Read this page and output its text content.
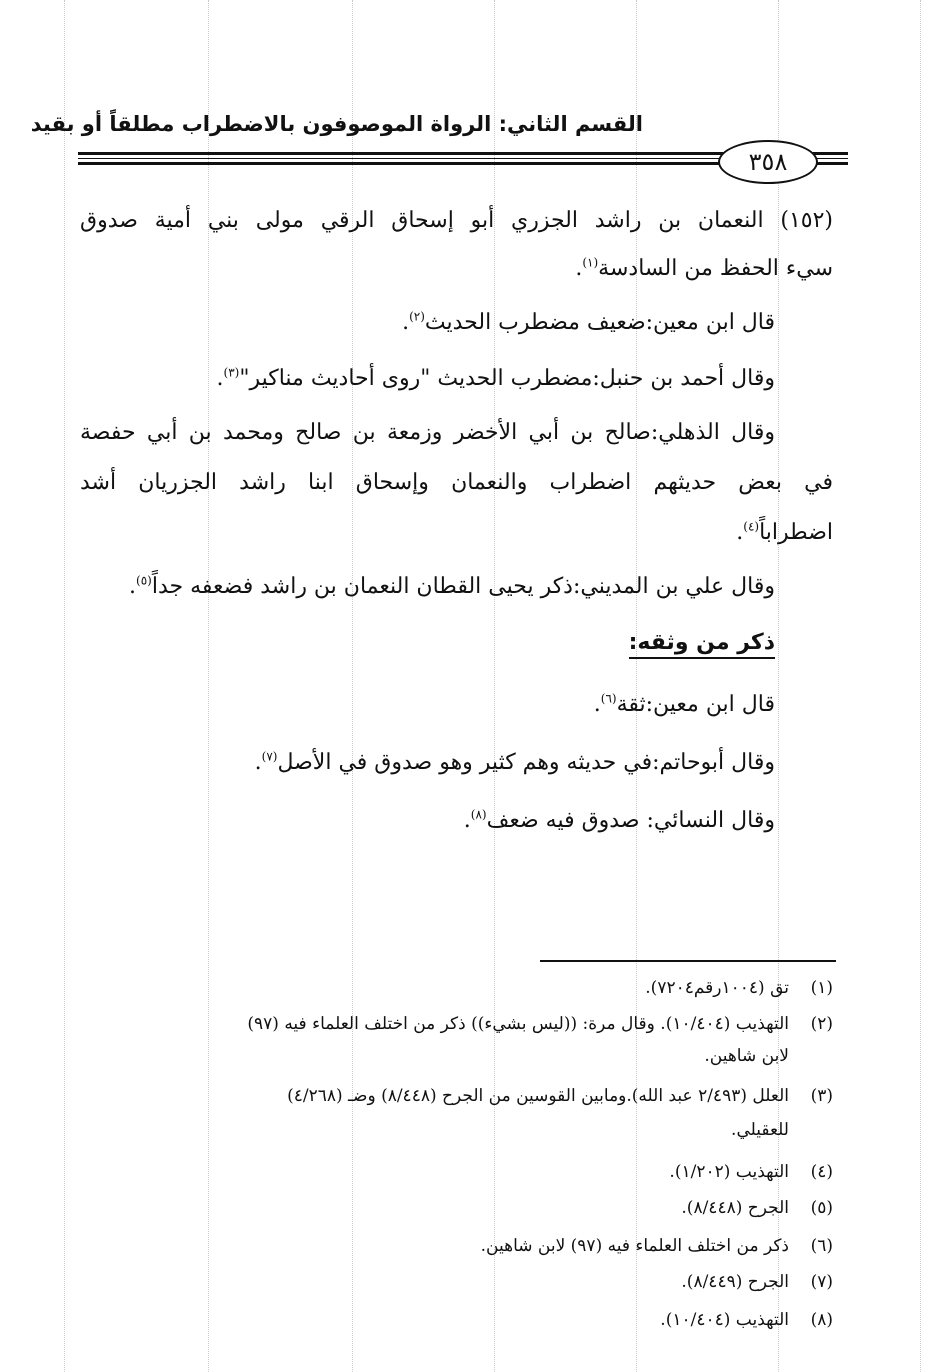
القسم الثاني: الرواة الموصوفون بالاضطراب مطلقاً أو بقيد
٣٥٨
(١٥٢) النعمان بن راشد الجزري أبو إسحاق الرقي مولى بني أمية صدوق
سيء الحفظ من السادسة$^{(١)}$.
قال ابن معين:ضعيف مضطرب الحديث$^{(٢)}$.
وقال أحمد بن حنبل:مضطرب الحديث "روى أحاديث مناكير"$^{(٣)}$.
وقال الذهلي:صالح بن أبي الأخضر وزمعة بن صالح ومحمد بن أبي حفصة
في بعض حديثهم اضطراب والنعمان وإسحاق ابنا راشد الجزريان أشد
اضطراباً$^{(٤)}$.
وقال علي بن المديني:ذكر يحيى القطان النعمان بن راشد فضعفه جداً$^{(٥)}$.
ذكر من وثقه:
قال ابن معين:ثقة$^{(٦)}$.
وقال أبوحاتم:في حديثه وهم كثير وهو صدوق في الأصل$^{(٧)}$.
وقال النسائي: صدوق فيه ضعف$^{(٨)}$.
(١)تق (١٠٠٤رقم٧٢٠٤).
(٢)التهذيب (١٠/٤٠٤). وقال مرة: ((ليس بشيء)) ذكر من اختلف العلماء فيه (٩٧)
لابن شاهين.
(٣)العلل (٢/٤٩٣ عبد الله).ومابين القوسين من الجرح (٨/٤٤٨) وضـ (٤/٢٦٨)
للعقيلي.
(٤)التهذيب (١/٢٠٢).
(٥)الجرح (٨/٤٤٨).
(٦)ذكر من اختلف العلماء فيه (٩٧) لابن شاهين.
(٧)الجرح (٨/٤٤٩).
(٨)التهذيب (١٠/٤٠٤).
